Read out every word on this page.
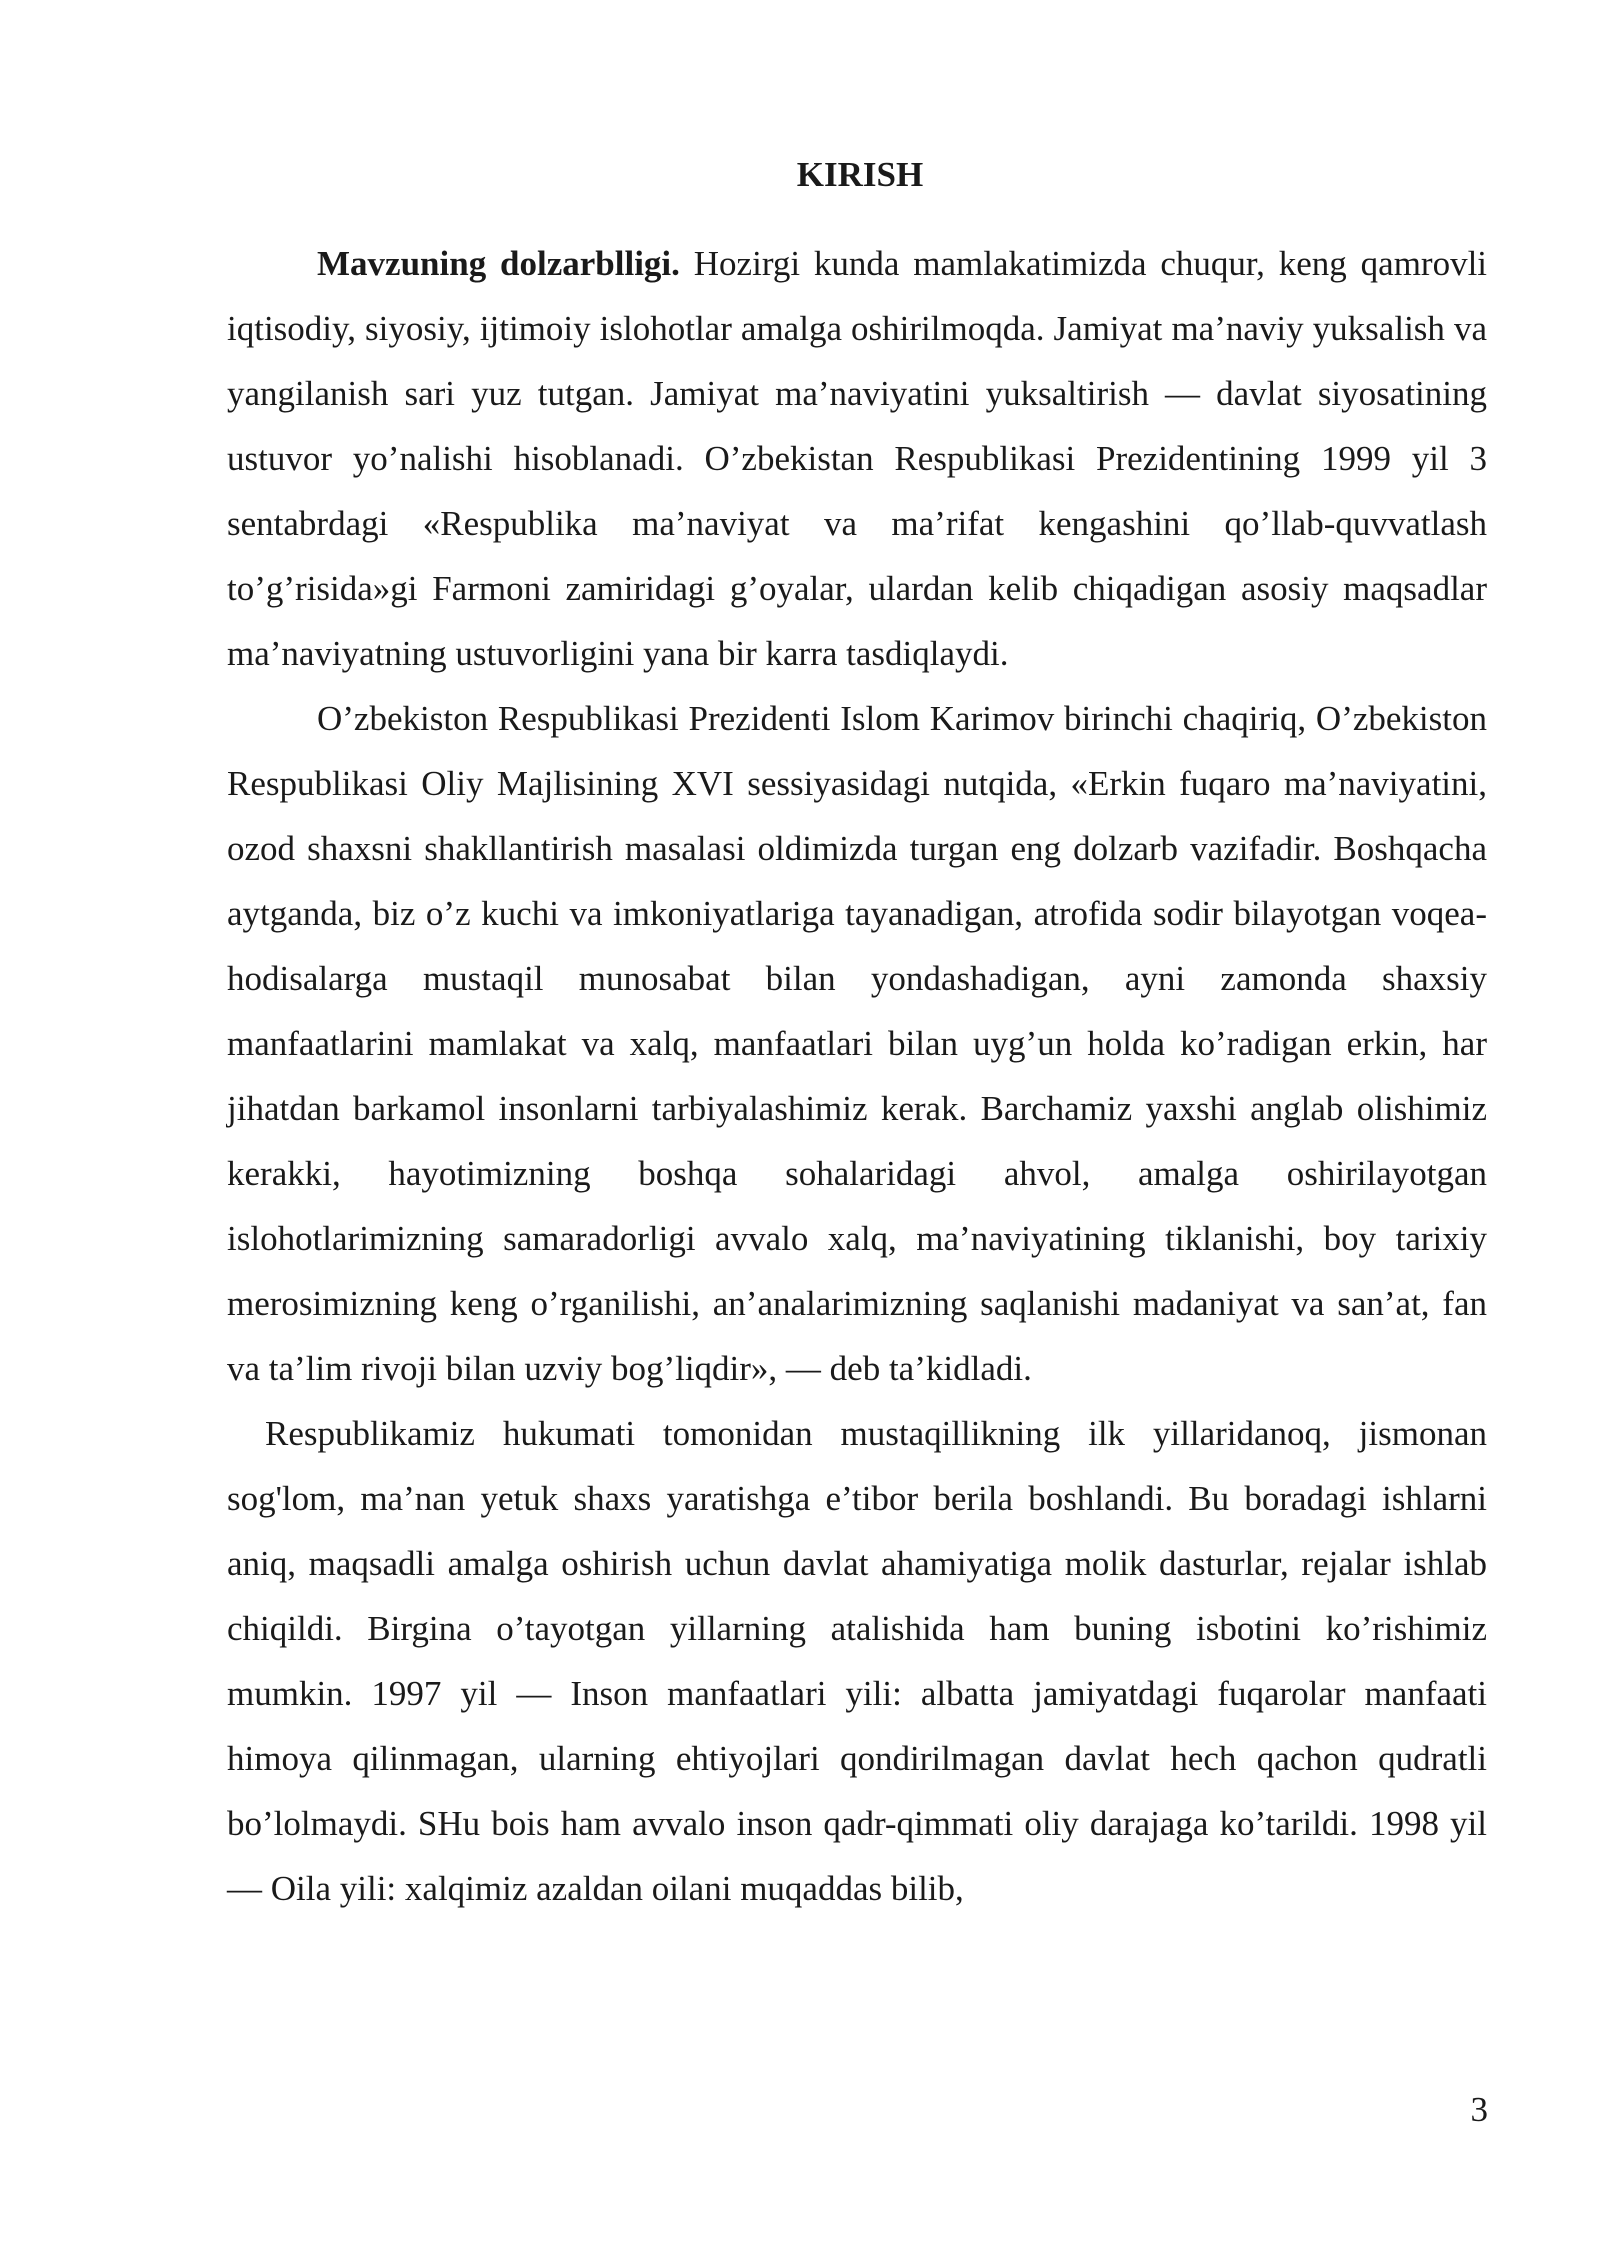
KIRISH

Mavzuning dolzarblligi. Hozirgi kunda mamlakatimizda chuqur, keng qamrovli iqtisodiy, siyosiy, ijtimoiy islohotlar amalga oshirilmoqda. Jamiyat ma’naviy yuksalish va yangilanish sari yuz tutgan. Jamiyat ma’naviyatini yuksaltirish — davlat siyosatining ustuvor yo’nalishi hisoblanadi. O’zbekistan Respublikasi Prezidentining 1999 yil 3 sentabrdagi «Respublika ma’naviyat va ma’rifat kengashini qo’llab-quvvatlash to’g’risida»gi Farmoni zamiridagi g’oyalar, ulardan kelib chiqadigan asosiy maqsadlar ma’naviyatning ustuvorligini yana bir karra tasdiqlaydi.

O’zbekiston Respublikasi Prezidenti Islom Karimov birinchi chaqiriq, O’zbekiston Respublikasi Oliy Majlisining XVI sessiyasidagi nutqida, «Erkin fuqaro ma’naviyatini, ozod shaxsni shakllantirish masalasi oldimizda turgan eng dolzarb vazifadir. Boshqacha aytganda, biz o’z kuchi va imkoniyatlariga tayanadigan, atrofida sodir bilayotgan voqea-hodisalarga mustaqil munosabat bilan yondashadigan, ayni zamonda shaxsiy manfaatlarini mamlakat va xalq, manfaatlari bilan uyg’un holda ko’radigan erkin, har jihatdan barkamol insonlarni tarbiyalashimiz kerak. Barchamiz yaxshi anglab olishimiz kerakki, hayotimizning boshqa sohalaridagi ahvol, amalga oshirilayotgan islohotlarimizning samaradorligi avvalo xalq, ma’naviyatining tiklanishi, boy tarixiy merosimizning keng o’rganilishi, an’analarimizning saqlanishi madaniyat va san’at, fan va ta’lim rivoji bilan uzviy bog’liqdir», — deb ta’kidladi.

Respublikamiz hukumati tomonidan mustaqillikning ilk yillaridanoq, jismonan sog'lom, ma’nan yetuk shaxs yaratishga e’tibor berila boshlandi. Bu boradagi ishlarni aniq, maqsadli amalga oshirish uchun davlat ahamiyatiga molik dasturlar, rejalar ishlab chiqildi. Birgina o’tayotgan yillarning atalishida ham buning isbotini ko’rishimiz mumkin. 1997 yil — Inson manfaatlari yili: albatta jamiyatdagi fuqarolar manfaati himoya qilinmagan, ularning ehtiyojlari qondirilmagan davlat hech qachon qudratli bo’lolmaydi. SHu bois ham avvalo inson qadr-qimmati oliy darajaga ko’tarildi. 1998 yil — Oila yili: xalqimiz azaldan oilani muqaddas bilib,

3
